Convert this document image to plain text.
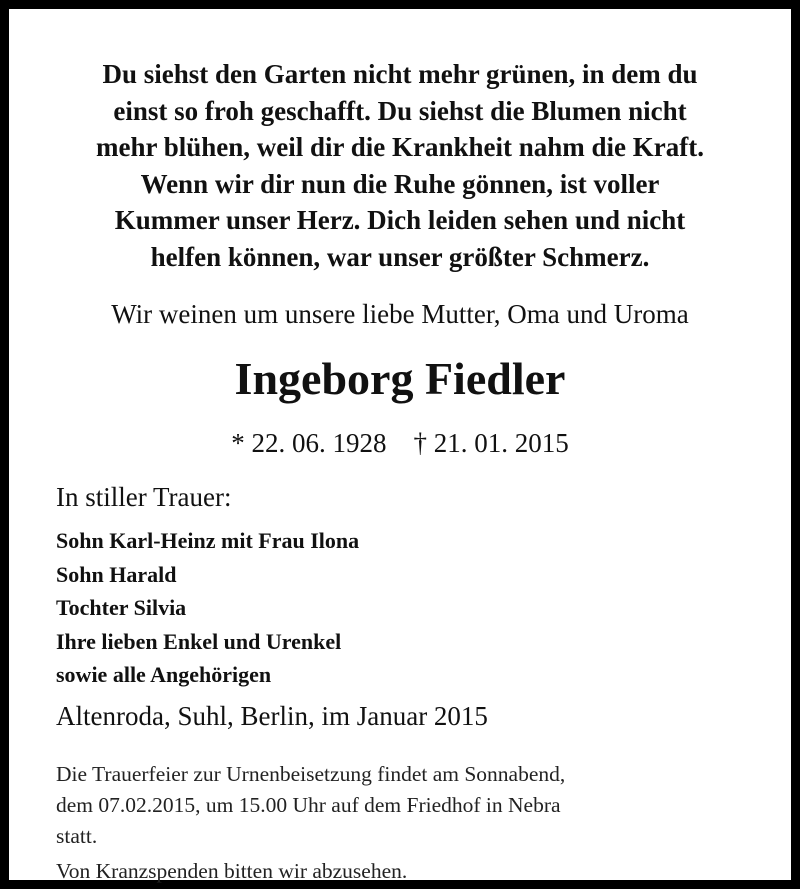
Du siehst den Garten nicht mehr grünen, in dem du
einst so froh geschafft. Du siehst die Blumen nicht
mehr blühen, weil dir die Krankheit nahm die Kraft.
Wenn wir dir nun die Ruhe gönnen, ist voller
Kummer unser Herz. Dich leiden sehen und nicht
helfen können, war unser größter Schmerz.
Wir weinen um unsere liebe Mutter, Oma und Uroma
Ingeborg Fiedler
* 22. 06. 1928    † 21. 01. 2015
In stiller Trauer:
Sohn Karl-Heinz mit Frau Ilona
Sohn Harald
Tochter Silvia
Ihre lieben Enkel und Urenkel
sowie alle Angehörigen
Altenroda, Suhl, Berlin, im Januar 2015
Die Trauerfeier zur Urnenbeisetzung findet am Sonnabend,
dem 07.02.2015, um 15.00 Uhr auf dem Friedhof in Nebra
statt.
Von Kranzspenden bitten wir abzusehen.
